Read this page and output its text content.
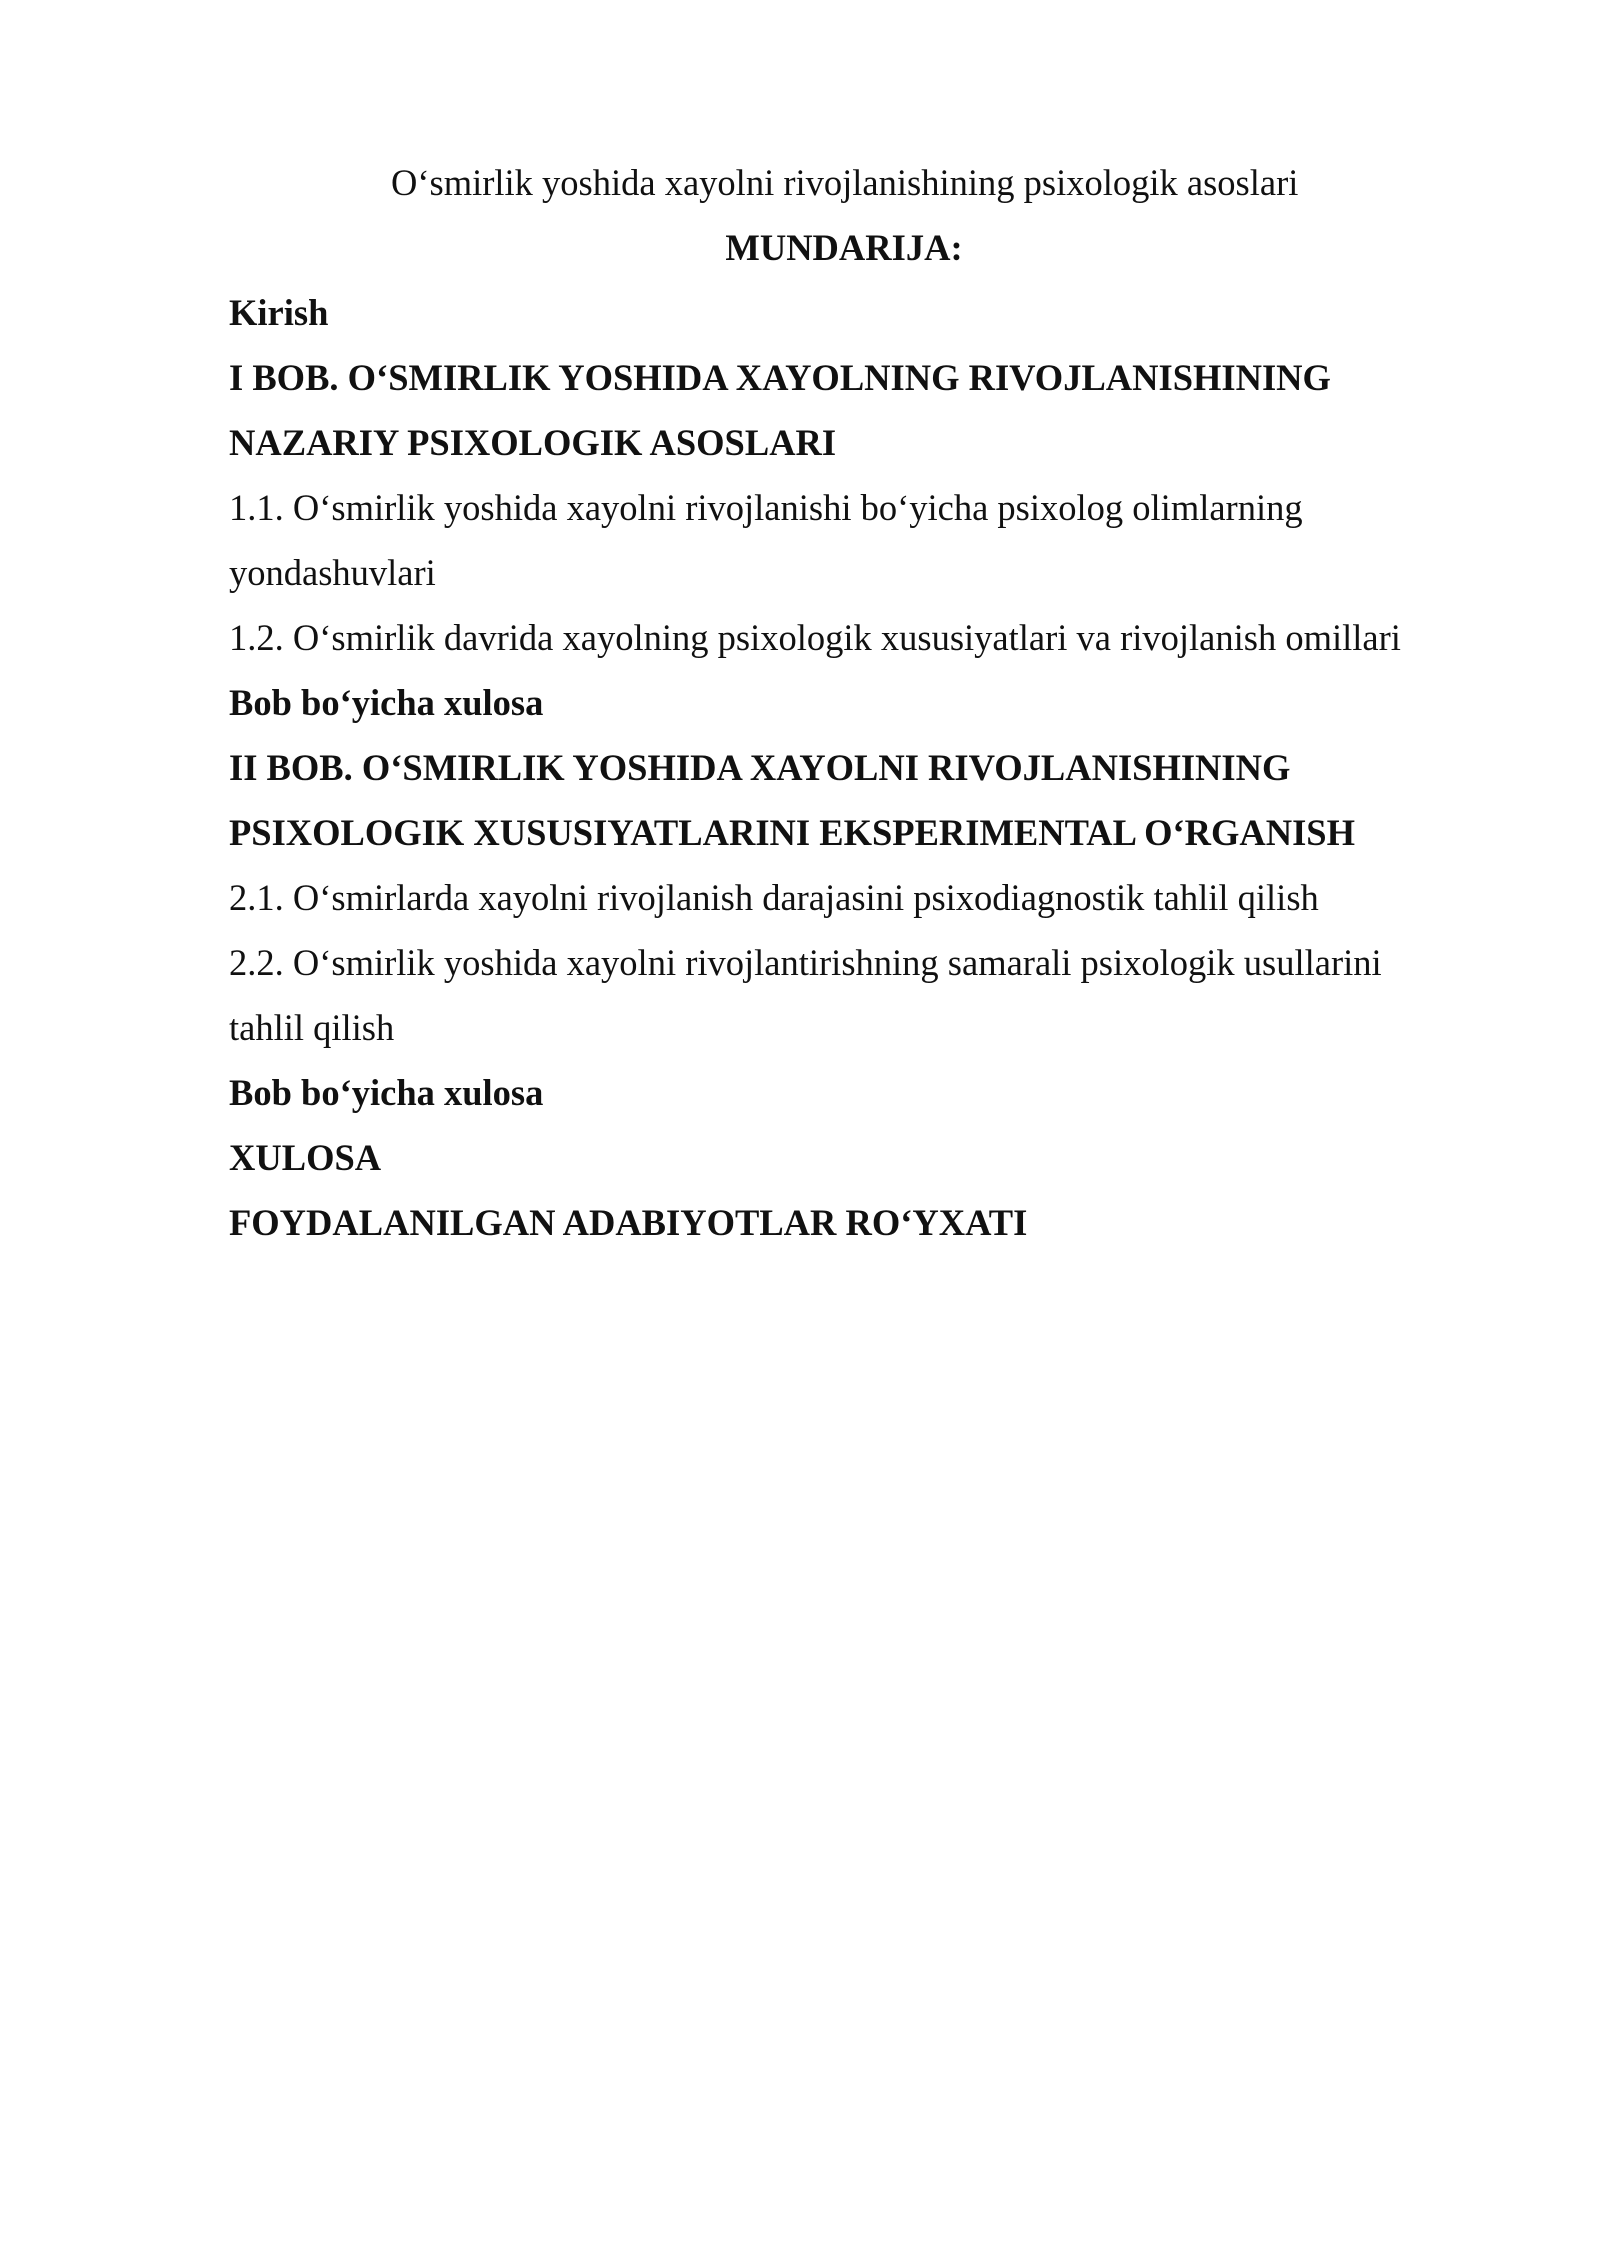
O‘smirlik yoshida xayolni rivojlanishining psixologik asoslari

MUNDARIJA:

Kirish

I BOB. O‘SMIRLIK YOSHIDA XAYOLNING RIVOJLANISHINING

NAZARIY PSIXOLOGIK ASOSLARI

1.1. O‘smirlik yoshida xayolni rivojlanishi bo‘yicha psixolog olimlarning

yondashuvlari

1.2. O‘smirlik davrida xayolning psixologik xususiyatlari va rivojlanish omillari

Bob bo‘yicha xulosa

II BOB. O‘SMIRLIK YOSHIDA XAYOLNI RIVOJLANISHINING

PSIXOLOGIK XUSUSIYATLARINI EKSPERIMENTAL O‘RGANISH

2.1. O‘smirlarda xayolni rivojlanish darajasini psixodiagnostik tahlil qilish

2.2. O‘smirlik yoshida xayolni rivojlantirishning samarali psixologik usullarini

tahlil qilish

Bob bo‘yicha xulosa

XULOSA

FOYDALANILGAN ADABIYOTLAR RO‘YXATI
